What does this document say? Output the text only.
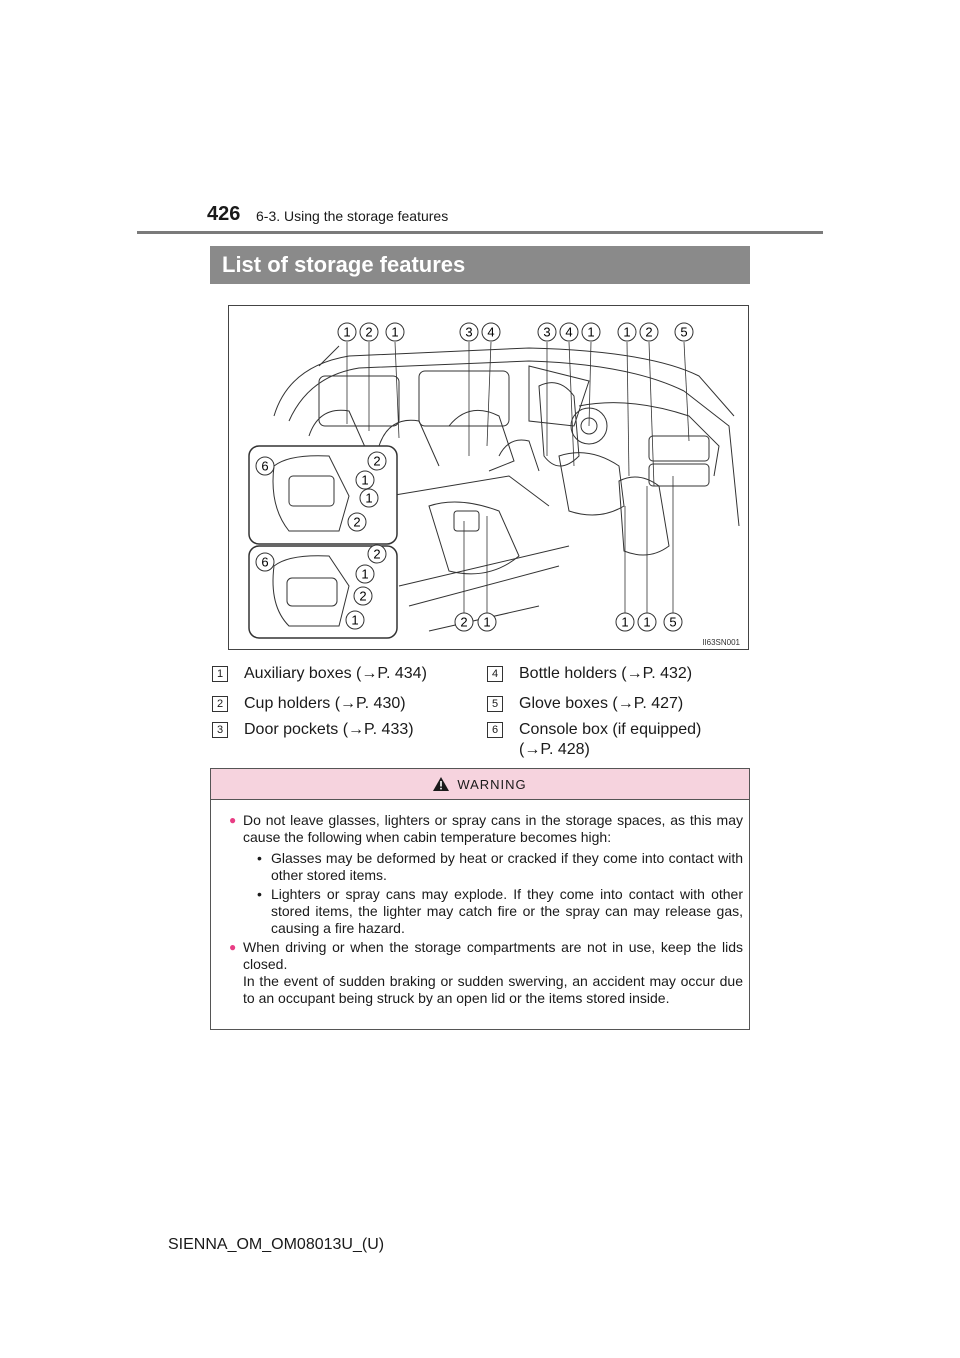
426 6-3. Using the storage features
List of storage features
1 2 1	3 4	3 4 1 1 2 5
2 1	1 1 5
6	2
1
1
2
6
2
1
2
1
II63SN001
1	Auxiliary boxes (→P. 434)
2	Cup holders (→P. 430)
3	Door pockets (→P. 433)
4	Bottle holders (→P. 432)
5	Glove boxes (→P. 427)
6	Console box (if equipped)
(→P. 428)
WARNING
● Do not leave glasses, lighters or spray cans in the storage spaces, as this may cause the following when cabin temperature becomes high:
• Glasses may be deformed by heat or cracked if they come into contact with other stored items.
• Lighters or spray cans may explode. If they come into contact with other stored items, the lighter may catch fire or the spray can may release gas, causing a fire hazard.
● When driving or when the storage compartments are not in use, keep the lids closed.
In the event of sudden braking or sudden swerving, an accident may occur due to an occupant being struck by an open lid or the items stored inside.
SIENNA_OM_OM08013U_(U)
